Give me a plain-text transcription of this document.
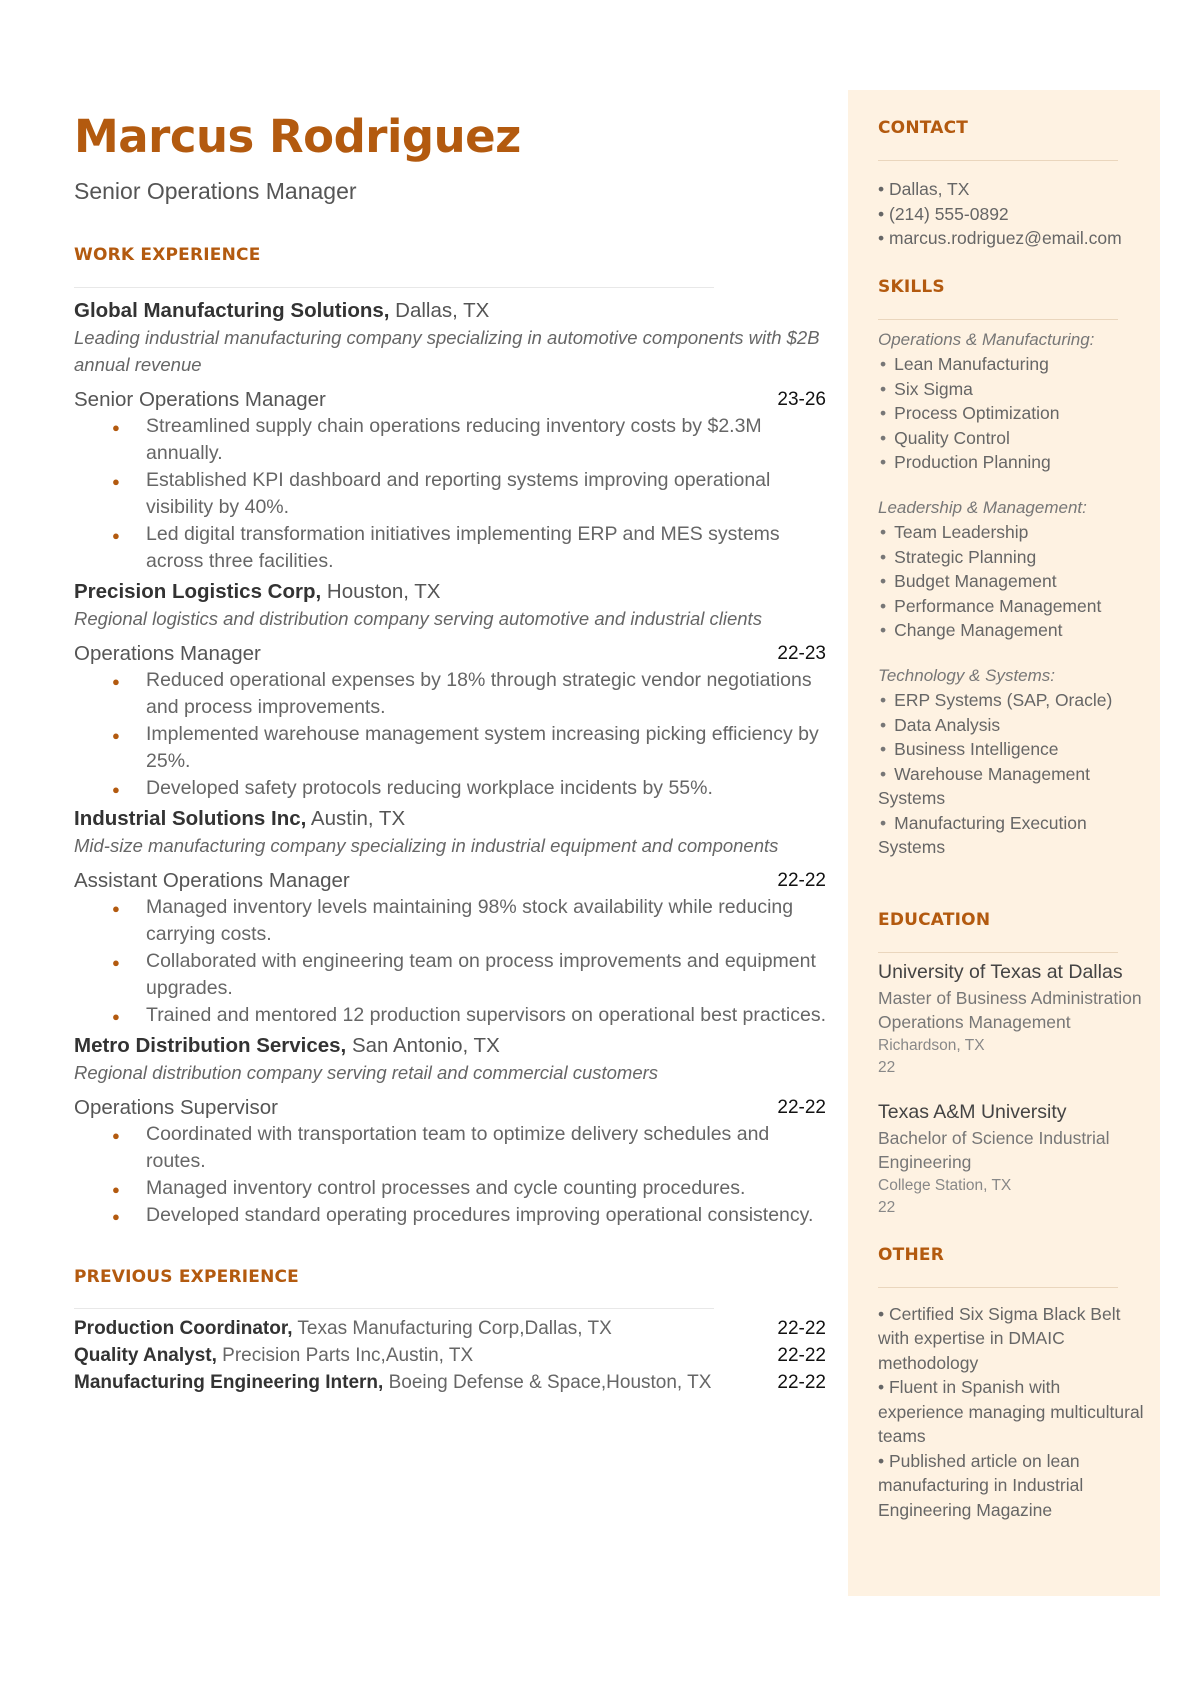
Marcus Rodriguez
Senior Operations Manager
WORK EXPERIENCE
Global Manufacturing Solutions, Dallas, TX
Leading industrial manufacturing company specializing in automotive components with $2B annual revenue
Senior Operations Manager	23-26
● Streamlined supply chain operations reducing inventory costs by $2.3M annually.
● Established KPI dashboard and reporting systems improving operational visibility by 40%.
● Led digital transformation initiatives implementing ERP and MES systems across three facilities.
Precision Logistics Corp, Houston, TX
Regional logistics and distribution company serving automotive and industrial clients
Operations Manager	22-23
● Reduced operational expenses by 18% through strategic vendor negotiations and process improvements.
● Implemented warehouse management system increasing picking efficiency by 25%.
● Developed safety protocols reducing workplace incidents by 55%.
Industrial Solutions Inc, Austin, TX
Mid-size manufacturing company specializing in industrial equipment and components
Assistant Operations Manager	22-22
● Managed inventory levels maintaining 98% stock availability while reducing carrying costs.
● Collaborated with engineering team on process improvements and equipment upgrades.
● Trained and mentored 12 production supervisors on operational best practices.
Metro Distribution Services, San Antonio, TX
Regional distribution company serving retail and commercial customers
Operations Supervisor	22-22
● Coordinated with transportation team to optimize delivery schedules and routes.
● Managed inventory control processes and cycle counting procedures.
● Developed standard operating procedures improving operational consistency.
PREVIOUS EXPERIENCE
Production Coordinator, Texas Manufacturing Corp,Dallas, TX	22-22
Quality Analyst, Precision Parts Inc,Austin, TX	22-22
Manufacturing Engineering Intern, Boeing Defense & Space,Houston, TX	22-22
CONTACT
• Dallas, TX
• (214) 555-0892
• marcus.rodriguez@email.com
SKILLS
Operations & Manufacturing:
• Lean Manufacturing
• Six Sigma
• Process Optimization
• Quality Control
• Production Planning
Leadership & Management:
• Team Leadership
• Strategic Planning
• Budget Management
• Performance Management
• Change Management
Technology & Systems:
• ERP Systems (SAP, Oracle)
• Data Analysis
• Business Intelligence
• Warehouse Management Systems
• Manufacturing Execution Systems
EDUCATION
University of Texas at Dallas
Master of Business Administration Operations Management
Richardson, TX
22
Texas A&M University
Bachelor of Science Industrial Engineering
College Station, TX
22
OTHER
• Certified Six Sigma Black Belt with expertise in DMAIC methodology
• Fluent in Spanish with experience managing multicultural teams
• Published article on lean manufacturing in Industrial Engineering Magazine
